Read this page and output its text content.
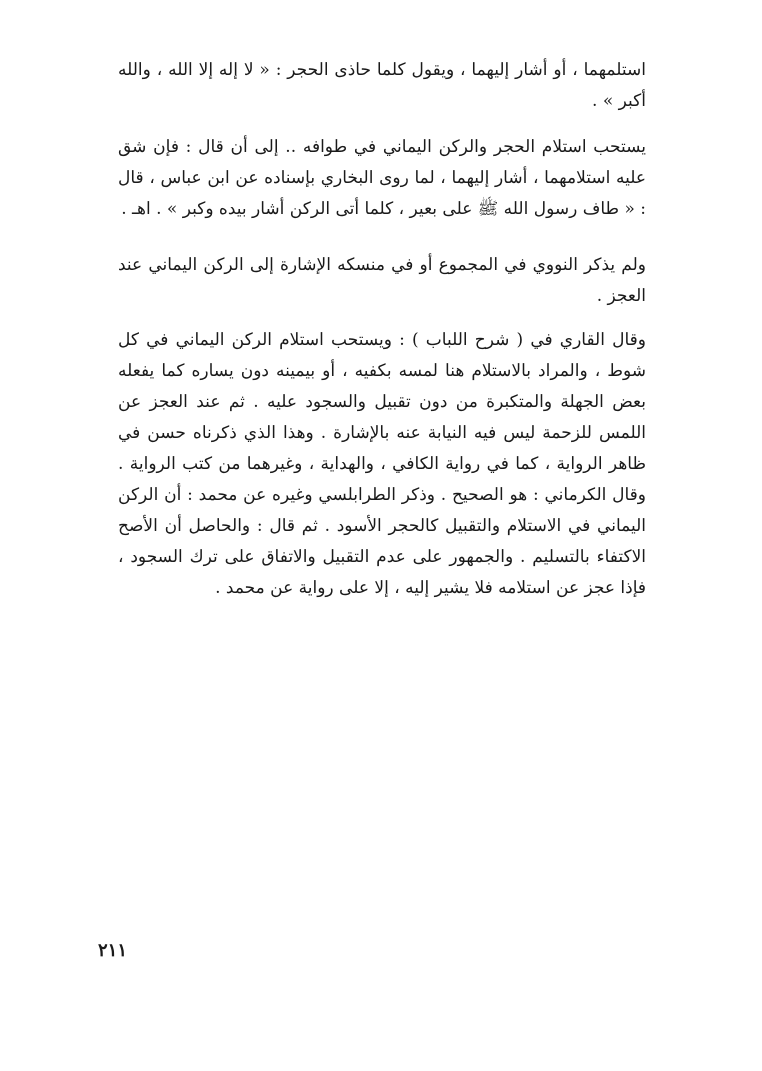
استلمهما ، أو أشار إليهما ، ويقول كلما حاذى الحجر : « لا إله إلا الله ، والله أكبر » .

يستحب استلام الحجر والركن اليماني في طوافه .. إلى أن قال : فإن شق عليه استلامهما ، أشار إليهما ، لما روى البخاري بإسناده عن ابن عباس ، قال : « طاف رسول الله ﷺ على بعير ، كلما أتى الركن أشار بيده وكبر » . اهـ .

ولم يذكر النووي في المجموع أو في منسكه الإشارة إلى الركن اليماني عند العجز .

وقال القاري في ( شرح اللباب ) : ويستحب استلام الركن اليماني في كل شوط ، والمراد بالاستلام هنا لمسه بكفيه ، أو بيمينه دون يساره كما يفعله بعض الجهلة والمتكبرة من دون تقبيل والسجود عليه . ثم عند العجز عن اللمس للزحمة ليس فيه النيابة عنه بالإشارة . وهذا الذي ذكرناه حسن في ظاهر الرواية ، كما في رواية الكافي ، والهداية ، وغيرهما من كتب الرواية . وقال الكرماني : هو الصحيح . وذكر الطرابلسي وغيره عن محمد : أن الركن اليماني في الاستلام والتقبيل كالحجر الأسود . ثم قال : والحاصل أن الأصح الاكتفاء بالتسليم . والجمهور على عدم التقبيل والاتفاق على ترك السجود ، فإذا عجز عن استلامه فلا يشير إليه ، إلا على رواية عن محمد .

٢١١
